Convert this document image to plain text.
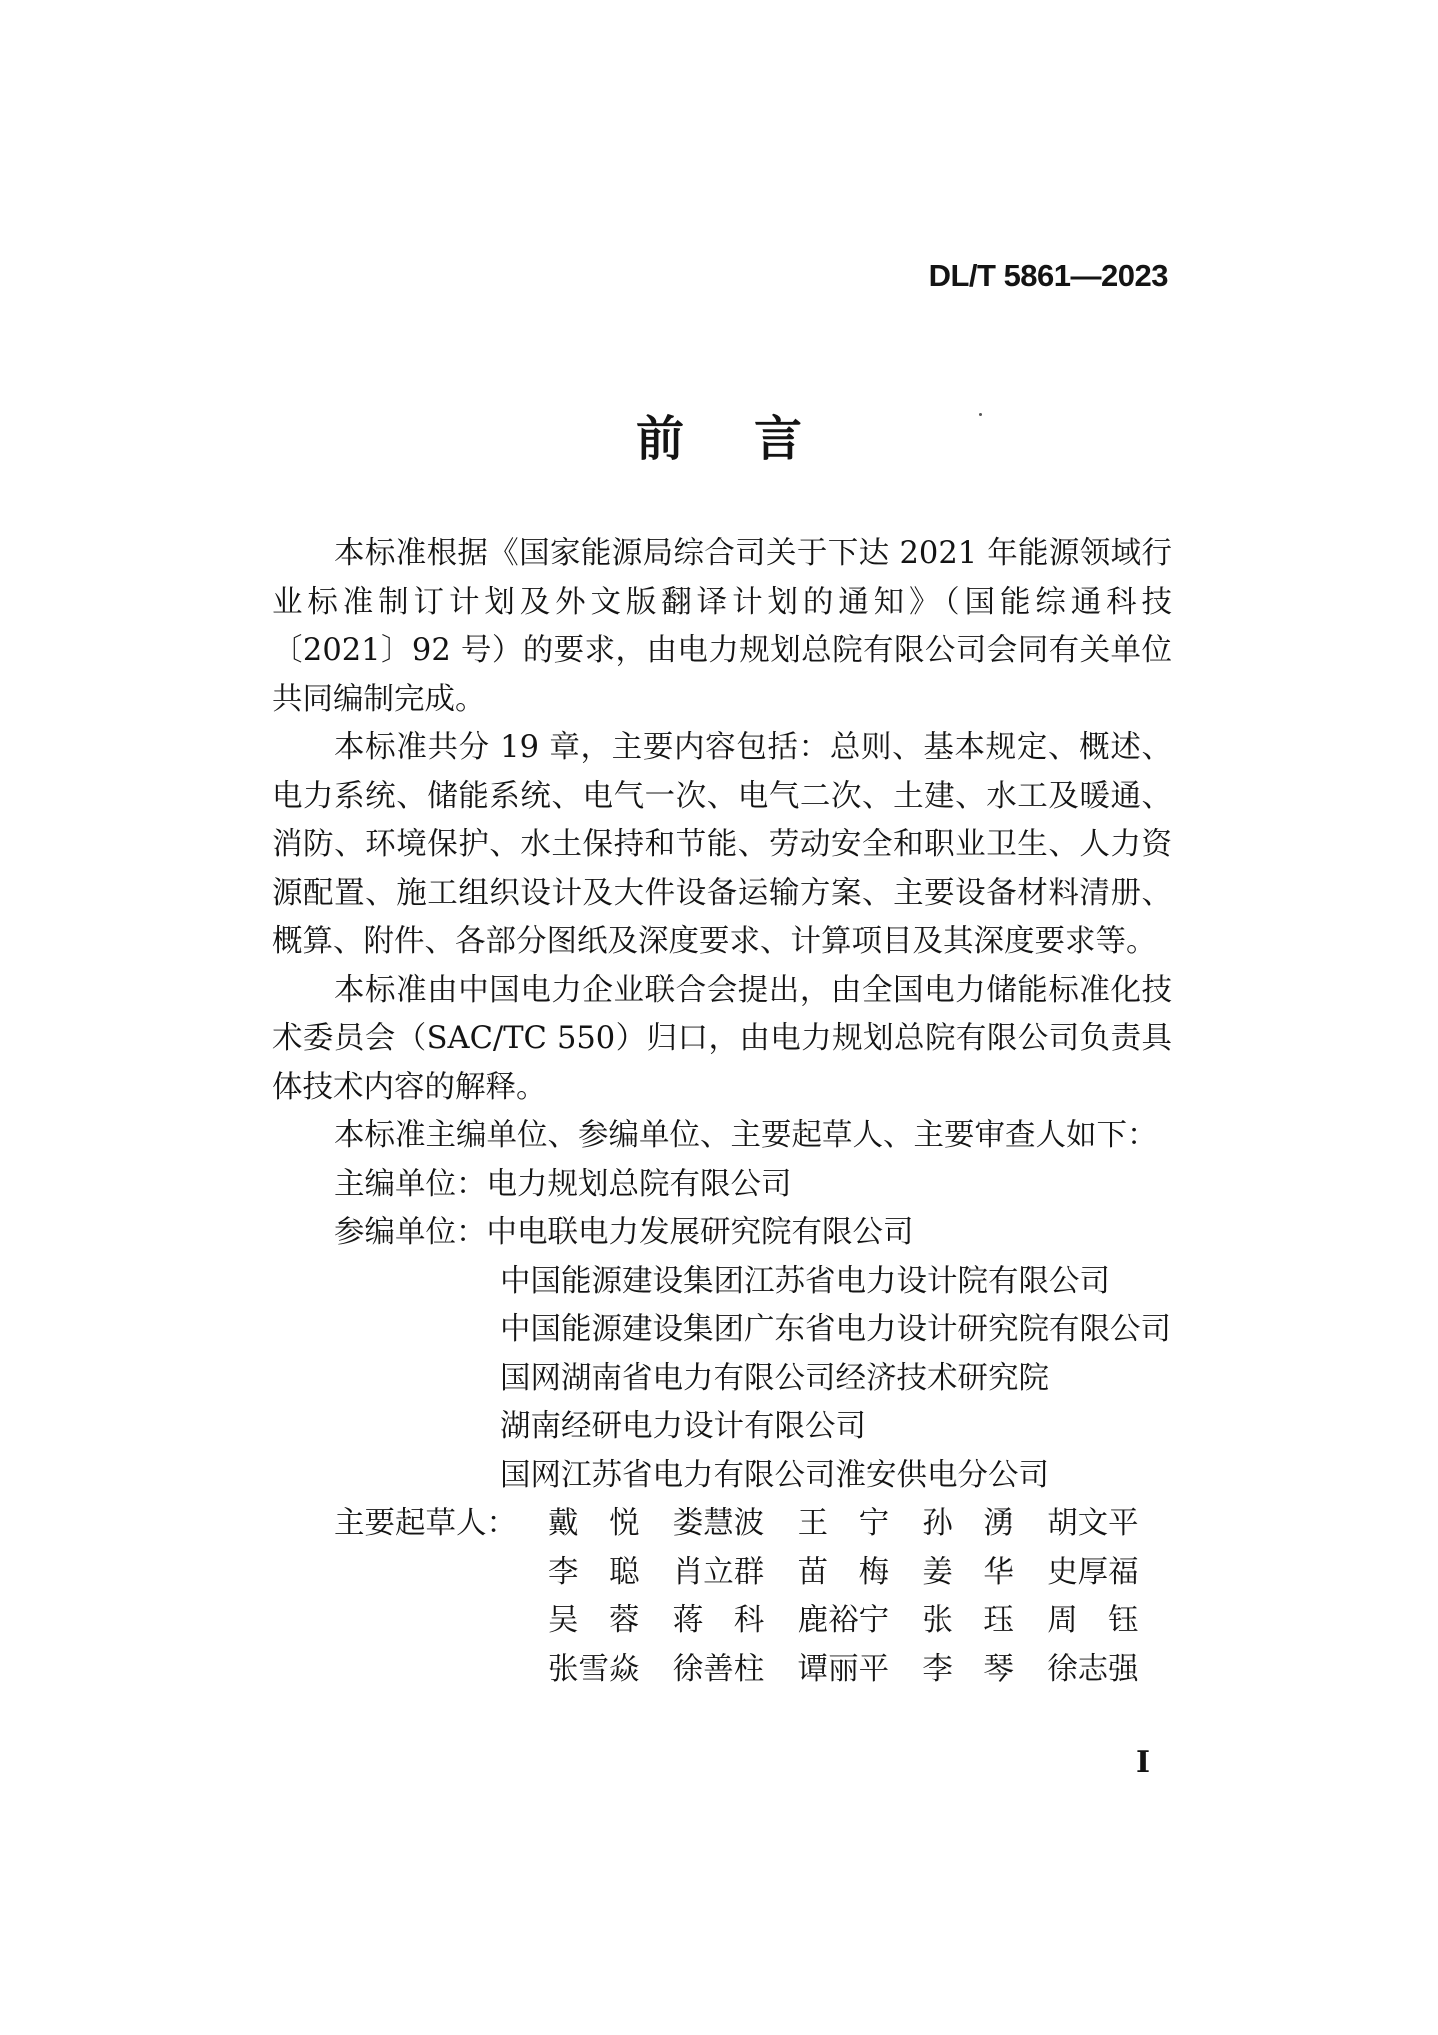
DL/T 5861—2023
前言

本标准根据《国家能源局综合司关于下达 2021 年能源领域行业标准制订计划及外文版翻译计划的通知》（国能综通科技〔2021〕92 号）的要求，由电力规划总院有限公司会同有关单位共同编制完成。

本标准共分 19 章，主要内容包括：总则、基本规定、概述、电力系统、储能系统、电气一次、电气二次、土建、水工及暖通、消防、环境保护、水土保持和节能、劳动安全和职业卫生、人力资源配置、施工组织设计及大件设备运输方案、主要设备材料清册、概算、附件、各部分图纸及深度要求、计算项目及其深度要求等。

本标准由中国电力企业联合会提出，由全国电力储能标准化技术委员会（SAC/TC 550）归口，由电力规划总院有限公司负责具体技术内容的解释。

本标准主编单位、参编单位、主要起草人、主要审查人如下：

主编单位：电力规划总院有限公司

参编单位：中电联电力发展研究院有限公司

中国能源建设集团江苏省电力设计院有限公司

中国能源建设集团广东省电力设计研究院有限公司

国网湖南省电力有限公司经济技术研究院

湖南经研电力设计有限公司

国网江苏省电力有限公司淮安供电分公司

主要起草人：	戴　悦	娄慧波	王　宁	孙　湧	胡文平
李　聪	肖立群	苗　梅	姜　华	史厚福
吴　蓉	蒋　科	鹿裕宁	张　珏	周　钰
张雪焱	徐善柱	谭丽平	李　琴	徐志强
I
